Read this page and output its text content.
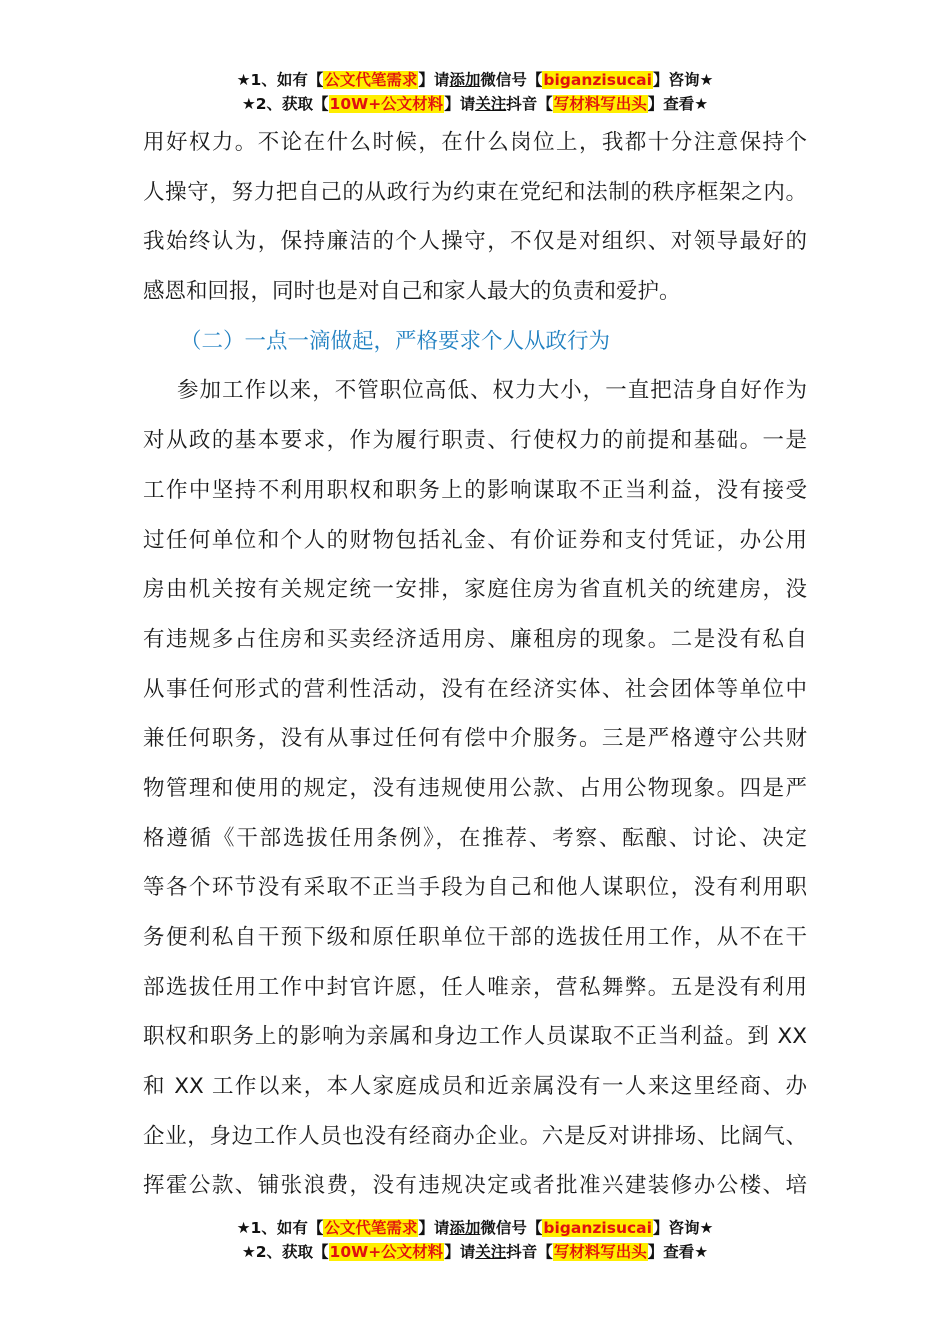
★1、如有【公文代笔需求】请添加微信号【biganzisucai】咨询★
★2、获取【10W+公文材料】请关注抖音【写材料写出头】查看★
用好权力。不论在什么时候，在什么岗位上，我都十分注意保持个
人操守，努力把自己的从政行为约束在党纪和法制的秩序框架之内。
我始终认为，保持廉洁的个人操守，不仅是对组织、对领导最好的
感恩和回报，同时也是对自己和家人最大的负责和爱护。
（二）一点一滴做起，严格要求个人从政行为
参加工作以来，不管职位高低、权力大小，一直把洁身自好作为
对从政的基本要求，作为履行职责、行使权力的前提和基础。一是
工作中坚持不利用职权和职务上的影响谋取不正当利益，没有接受
过任何单位和个人的财物包括礼金、有价证券和支付凭证，办公用
房由机关按有关规定统一安排，家庭住房为省直机关的统建房，没
有违规多占住房和买卖经济适用房、廉租房的现象。二是没有私自
从事任何形式的营利性活动，没有在经济实体、社会团体等单位中
兼任何职务，没有从事过任何有偿中介服务。三是严格遵守公共财
物管理和使用的规定，没有违规使用公款、占用公物现象。四是严
格遵循《干部选拔任用条例》，在推荐、考察、酝酿、讨论、决定
等各个环节没有采取不正当手段为自己和他人谋职位，没有利用职
务便利私自干预下级和原任职单位干部的选拔任用工作，从不在干
部选拔任用工作中封官许愿，任人唯亲，营私舞弊。五是没有利用
职权和职务上的影响为亲属和身边工作人员谋取不正当利益。到 XX
和 XX 工作以来，本人家庭成员和近亲属没有一人来这里经商、办
企业，身边工作人员也没有经商办企业。六是反对讲排场、比阔气、
挥霍公款、铺张浪费，没有违规决定或者批准兴建装修办公楼、培
★1、如有【公文代笔需求】请添加微信号【biganzisucai】咨询★
★2、获取【10W+公文材料】请关注抖音【写材料写出头】查看★
